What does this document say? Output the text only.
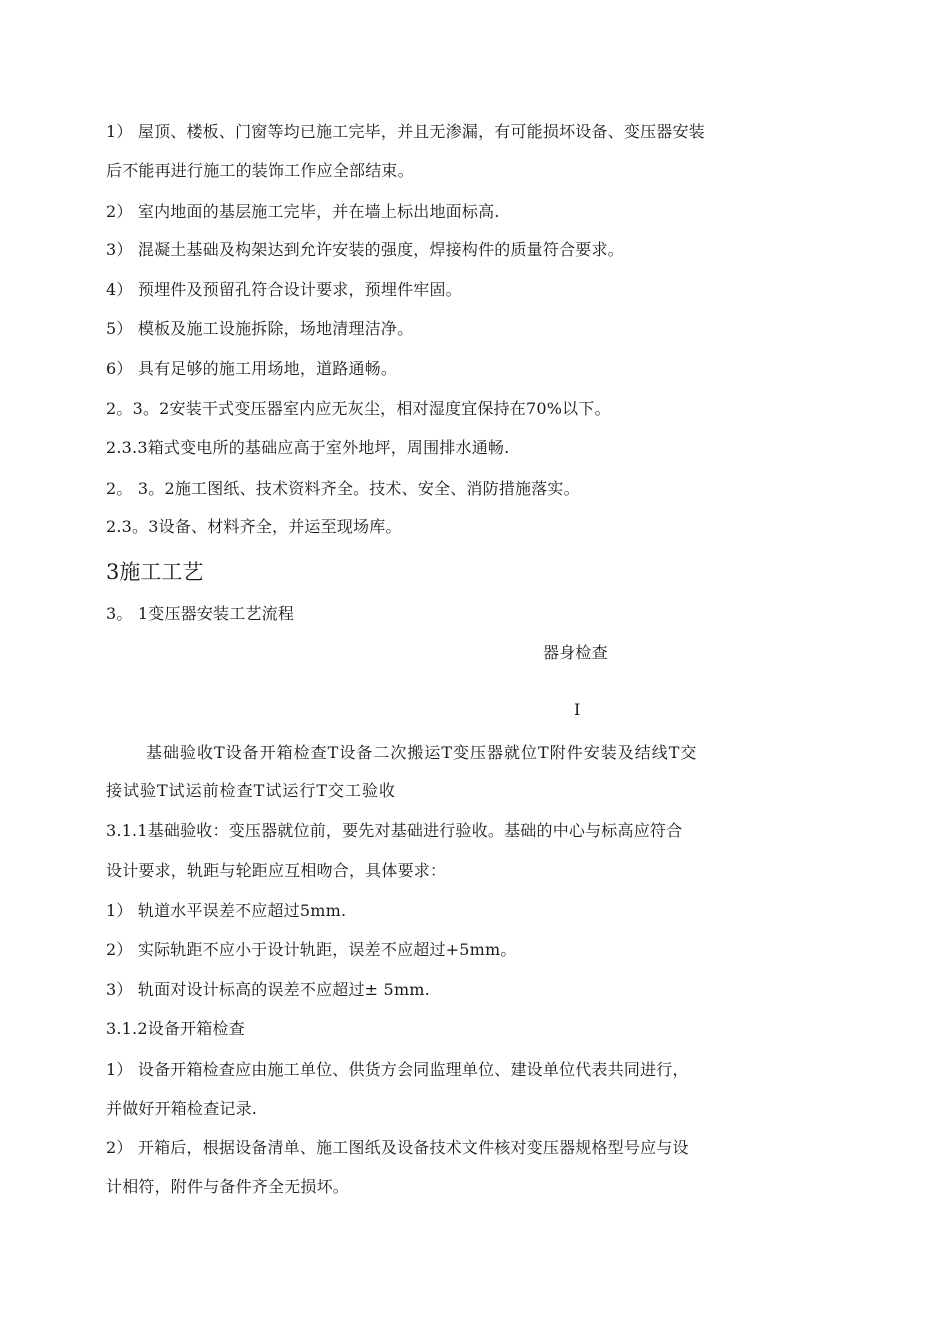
1） 屋顶、楼板、门窗等均已施工完毕，并且无渗漏，有可能损坏设备、变压器安装
后不能再进行施工的装饰工作应全部结束。
2） 室内地面的基层施工完毕，并在墙上标出地面标高.
3） 混凝土基础及构架达到允许安装的强度，焊接构件的质量符合要求。
4） 预埋件及预留孔符合设计要求，预埋件牢固。
5） 模板及施工设施拆除，场地清理洁净。
6） 具有足够的施工用场地，道路通畅。
2。3。2安装干式变压器室内应无灰尘，相对湿度宜保持在70%以下。
2.3.3箱式变电所的基础应高于室外地坪，周围排水通畅.
2。 3。2施工图纸、技术资料齐全。技术、安全、消防措施落实。
2.3。3设备、材料齐全，并运至现场库。
3施工工艺
3。 1变压器安装工艺流程
器身检查
I
基础验收T设备开箱检查T设备二次搬运T变压器就位T附件安装及结线T交
接试验T试运前检查T试运行T交工验收
3.1.1基础验收：变压器就位前，要先对基础进行验收。基础的中心与标高应符合
设计要求，轨距与轮距应互相吻合，具体要求：
1） 轨道水平误差不应超过5mm.
2） 实际轨距不应小于设计轨距，误差不应超过+5mm。
3） 轨面对设计标高的误差不应超过± 5mm.
3.1.2设备开箱检查
1） 设备开箱检查应由施工单位、供货方会同监理单位、建设单位代表共同进行，
并做好开箱检查记录.
2） 开箱后，根据设备清单、施工图纸及设备技术文件核对变压器规格型号应与设
计相符，附件与备件齐全无损坏。
